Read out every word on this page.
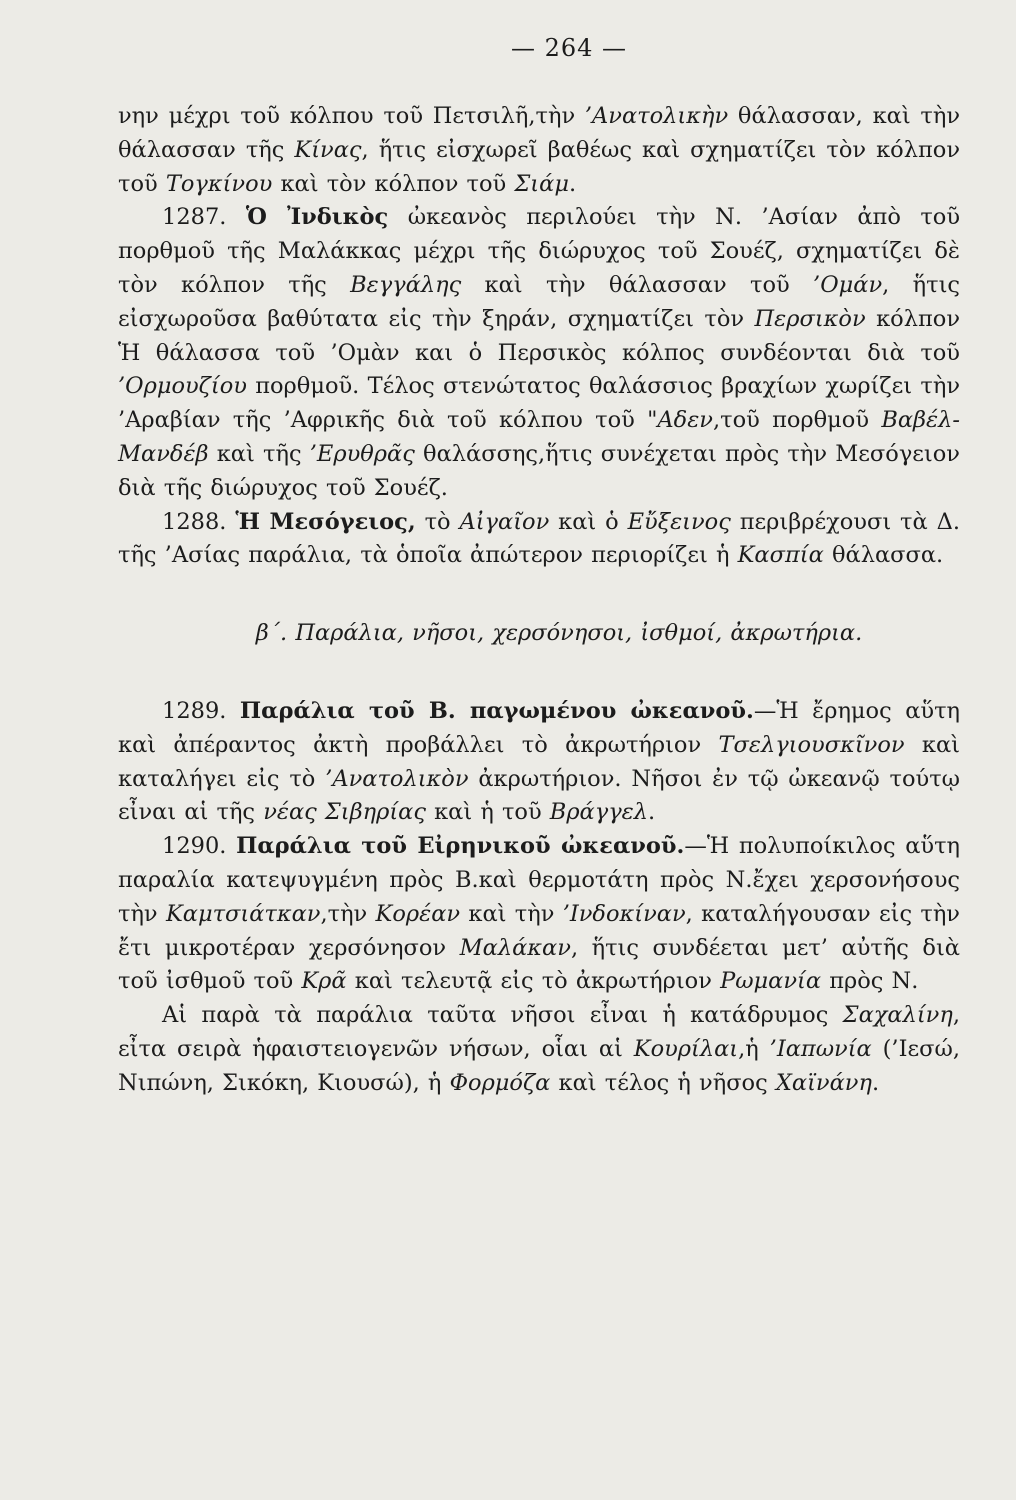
— 264 —

νην μέχρι τοῦ κόλπου τοῦ Πετσιλῆ,τὴν ’Ανατολικὴν θάλασσαν, καὶ τὴν θάλασσαν τῆς Κίνας, ἥτις εἰσχωρεῖ βαθέως καὶ σχηματίζει τὸν κόλπον τοῦ Τογκίνου καὶ τὸν κόλπον τοῦ Σιάμ.

1287. Ὁ Ἰνδικὸς ὠκεανὸς περιλούει τὴν Ν. ’Ασίαν ἀπὸ τοῦ πορθμοῦ τῆς Μαλάκκας μέχρι τῆς διώρυχος τοῦ Σουέζ, σχηματίζει δὲ τὸν κόλπον τῆς Βεγγάλης καὶ τὴν θάλασσαν τοῦ ’Ομάν, ἥτις εἰσχωροῦσα βαθύτατα εἰς τὴν ξηράν, σχηματίζει τὸν Περσικὸν κόλπον Ἡ θάλασσα τοῦ ’Ομὰν και ὁ Περσικὸς κόλπος συνδέονται διὰ τοῦ ’Ορμουζίου πορθμοῦ. Τέλος στενώτατος θαλάσσιος βραχίων χωρίζει τὴν ’Αραβίαν τῆς ’Αφρικῆς διὰ τοῦ κόλπου τοῦ "Αδεν,τοῦ πορθμοῦ Βαβέλ-Μανδέβ καὶ τῆς ’Ερυθρᾶς θαλάσσης,ἥτις συνέχεται πρὸς τὴν Μεσόγειον διὰ τῆς διώρυχος τοῦ Σουέζ.

1288. Ἡ Μεσόγειος, τὸ Αἰγαῖον καὶ ὁ Εὔξεινος περιβρέχουσι τὰ Δ. τῆς ’Ασίας παράλια, τὰ ὁποῖα ἀπώτερον περιορίζει ἡ Κασπία θάλασσα.

β΄. Παράλια, νῆσοι, χερσόνησοι, ἰσθμοί, ἀκρωτήρια.

1289. Παράλια τοῦ Β. παγωμένου ὠκεανοῦ.—Ἡ ἔρημος αὕτη καὶ ἀπέραντος ἀκτὴ προβάλλει τὸ ἀκρωτήριον Τσελγιουσκῖνον καὶ καταλήγει εἰς τὸ ’Ανατολικὸν ἀκρωτήριον. Νῆσοι ἐν τῷ ὠκεανῷ τούτῳ εἶναι αἱ τῆς νέας Σιβηρίας καὶ ἡ τοῦ Βράγγελ.

1290. Παράλια τοῦ Εἰρηνικοῦ ὠκεανοῦ.—Ἡ πολυποίκιλος αὕτη παραλία κατεψυγμένη πρὸς Β.καὶ θερμοτάτη πρὸς Ν.ἔχει χερσονήσους τὴν Καμτσιάτκαν,τὴν Κορέαν καὶ τὴν ’Ινδοκίναν, καταλήγουσαν εἰς τὴν ἔτι μικροτέραν χερσόνησον Μαλάκαν, ἥτις συνδέεται μετ’ αὐτῆς διὰ τοῦ ἰσθμοῦ τοῦ Κρᾶ καὶ τελευτᾷ εἰς τὸ ἀκρωτήριον Ρωμανία πρὸς Ν.

Αἱ παρὰ τὰ παράλια ταῦτα νῆσοι εἶναι ἡ κατάδρυμος Σαχαλίνη, εἶτα σειρὰ ἡφαιστειογενῶν νήσων, οἷαι αἱ Κουρίλαι,ἡ ’Ιαπωνία (’Ιεσώ, Νιπώνη, Σικόκη, Κιουσώ), ἡ Φορμόζα καὶ τέλος ἡ νῆσος Χαϊνάνη.
